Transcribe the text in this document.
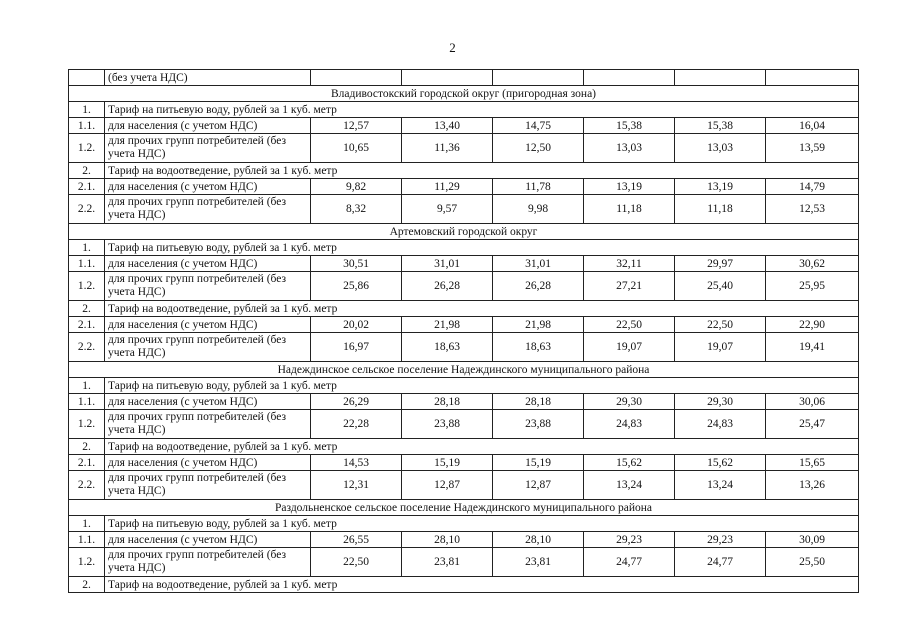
2
	(без учета НДС)						
Владивостокский городской округ (пригородная зона)							
1.	Тариф на питьевую воду, рублей за 1 куб. метр						
1.1.	для населения (с учетом НДС)	12,57	13,40	14,75	15,38	15,38	16,04
1.2.	для прочих групп потребителей (без учета НДС)	10,65	11,36	12,50	13,03	13,03	13,59
2.	Тариф на водоотведение, рублей за 1 куб. метр						
2.1.	для населения (с учетом НДС)	9,82	11,29	11,78	13,19	13,19	14,79
2.2.	для прочих групп потребителей (без учета НДС)	8,32	9,57	9,98	11,18	11,18	12,53
Артемовский городской округ							
1.	Тариф на питьевую воду, рублей за 1 куб. метр						
1.1.	для населения (с учетом НДС)	30,51	31,01	31,01	32,11	29,97	30,62
1.2.	для прочих групп потребителей (без учета НДС)	25,86	26,28	26,28	27,21	25,40	25,95
2.	Тариф на водоотведение, рублей за 1 куб. метр						
2.1.	для населения (с учетом НДС)	20,02	21,98	21,98	22,50	22,50	22,90
2.2.	для прочих групп потребителей (без учета НДС)	16,97	18,63	18,63	19,07	19,07	19,41
Надеждинское сельское поселение Надеждинского муниципального района							
1.	Тариф на питьевую воду, рублей за 1 куб. метр						
1.1.	для населения (с учетом НДС)	26,29	28,18	28,18	29,30	29,30	30,06
1.2.	для прочих групп потребителей (без учета НДС)	22,28	23,88	23,88	24,83	24,83	25,47
2.	Тариф на водоотведение, рублей за 1 куб. метр						
2.1.	для населения (с учетом НДС)	14,53	15,19	15,19	15,62	15,62	15,65
2.2.	для прочих групп потребителей (без учета НДС)	12,31	12,87	12,87	13,24	13,24	13,26
Раздольненское сельское поселение Надеждинского муниципального района							
1.	Тариф на питьевую воду, рублей за 1 куб. метр						
1.1.	для населения (с учетом НДС)	26,55	28,10	28,10	29,23	29,23	30,09
1.2.	для прочих групп потребителей (без учета НДС)	22,50	23,81	23,81	24,77	24,77	25,50
2.	Тариф на водоотведение, рублей за 1 куб. метр						
